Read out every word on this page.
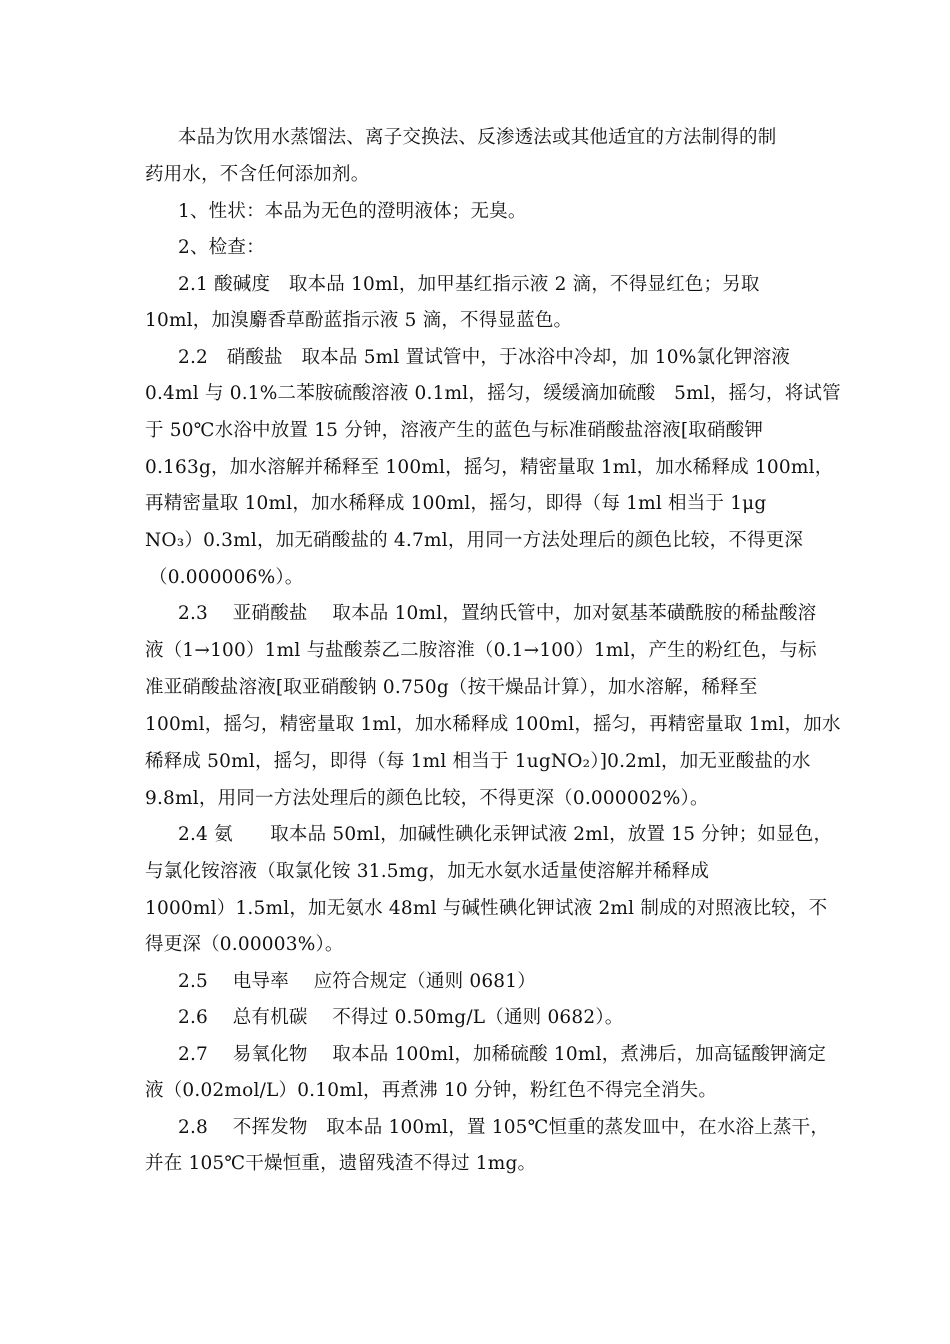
本品为饮用水蒸馏法、离子交换法、反渗透法或其他适宜的方法制得的制
药用水，不含任何添加剂。
1、性状：本品为无色的澄明液体；无臭。
2、检查：
2.1 酸碱度　取本品 10ml，加甲基红指示液 2 滴，不得显红色；另取
10ml，加溴麝香草酚蓝指示液 5 滴，不得显蓝色。
2.2　硝酸盐　取本品 5ml 置试管中，于冰浴中冷却，加 10%氯化钾溶液
0.4ml 与 0.1%二苯胺硫酸溶液 0.1ml，摇匀，缓缓滴加硫酸　5ml，摇匀，将试管
于 50℃水浴中放置 15 分钟，溶液产生的蓝色与标准硝酸盐溶液[取硝酸钾
0.163g，加水溶解并稀释至 100ml，摇匀，精密量取 1ml，加水稀释成 100ml，
再精密量取 10ml，加水稀释成 100ml，摇匀，即得（每 1ml 相当于 1μg
NO₃）0.3ml，加无硝酸盐的 4.7ml，用同一方法处理后的颜色比较，不得更深
（0.000006%）。
2.3　 亚硝酸盐　 取本品 10ml，置纳氏管中，加对氨基苯磺酰胺的稀盐酸溶
液（1→100）1ml 与盐酸萘乙二胺溶淮（0.1→100）1ml，产生的粉红色，与标
准亚硝酸盐溶液[取亚硝酸钠 0.750g（按干燥品计算），加水溶解，稀释至
100ml，摇匀，精密量取 1ml，加水稀释成 100ml，摇匀，再精密量取 1ml，加水
稀释成 50ml，摇匀，即得（每 1ml 相当于 1ugNO₂）]0.2ml，加无亚酸盐的水
9.8ml，用同一方法处理后的颜色比较，不得更深（0.000002%）。
2.4 氨　　取本品 50ml，加碱性碘化汞钾试液 2ml，放置 15 分钟；如显色，
与氯化铵溶液（取氯化铵 31.5mg，加无水氨水适量使溶解并稀释成
1000ml）1.5ml，加无氨水 48ml 与碱性碘化钾试液 2ml 制成的对照液比较，不
得更深（0.00003%）。
2.5　 电导率　 应符合规定（通则 0681）
2.6　 总有机碳　 不得过 0.50mg/L（通则 0682）。
2.7　 易氧化物　 取本品 100ml，加稀硫酸 10ml，煮沸后，加高锰酸钾滴定
液（0.02mol/L）0.10ml，再煮沸 10 分钟，粉红色不得完全消失。
2.8　 不挥发物　取本品 100ml，置 105℃恒重的蒸发皿中，在水浴上蒸干，
并在 105℃干燥恒重，遗留残渣不得过 1mg。
